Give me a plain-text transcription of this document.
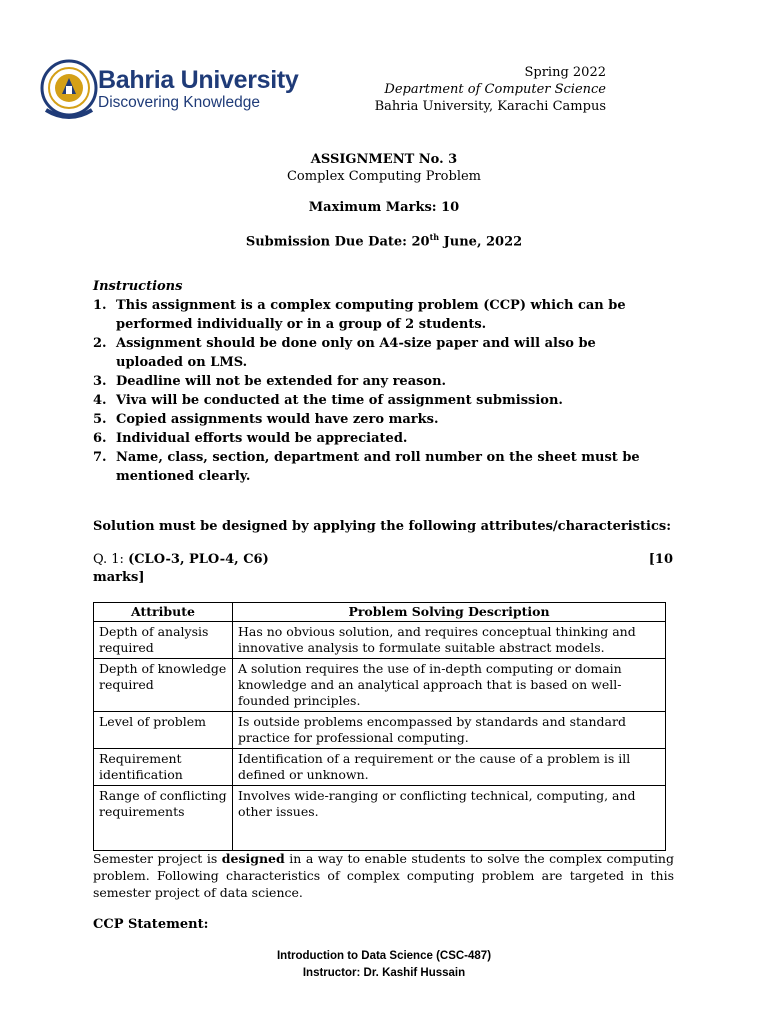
Bahria University
Discovering Knowledge
Spring 2022
Department of Computer Science
Bahria University, Karachi Campus
ASSIGNMENT No. 3
Complex Computing Problem
Maximum Marks: 10
Submission Due Date: 20th June, 2022
Instructions
1. This assignment is a complex computing problem (CCP) which can be performed individually or in a group of 2 students.
2. Assignment should be done only on A4-size paper and will also be uploaded on LMS.
3. Deadline will not be extended for any reason.
4. Viva will be conducted at the time of assignment submission.
5. Copied assignments would have zero marks.
6. Individual efforts would be appreciated.
7. Name, class, section, department and roll number on the sheet must be mentioned clearly.
Solution must be designed by applying the following attributes/characteristics:
Q. 1: (CLO-3, PLO-4, C6)	[10
marks]
Attribute	Problem Solving Description
Depth of analysis required	Has no obvious solution, and requires conceptual thinking and innovative analysis to formulate suitable abstract models.
Depth of knowledge required	A solution requires the use of in-depth computing or domain knowledge and an analytical approach that is based on well-founded principles.
Level of problem	Is outside problems encompassed by standards and standard practice for professional computing.
Requirement identification	Identification of a requirement or the cause of a problem is ill defined or unknown.
Range of conflicting requirements	Involves wide-ranging or conflicting technical, computing, and other issues.
Semester project is designed in a way to enable students to solve the complex computing problem. Following characteristics of complex computing problem are targeted in this semester project of data science.
CCP Statement:
Introduction to Data Science (CSC-487)
Instructor: Dr. Kashif Hussain
